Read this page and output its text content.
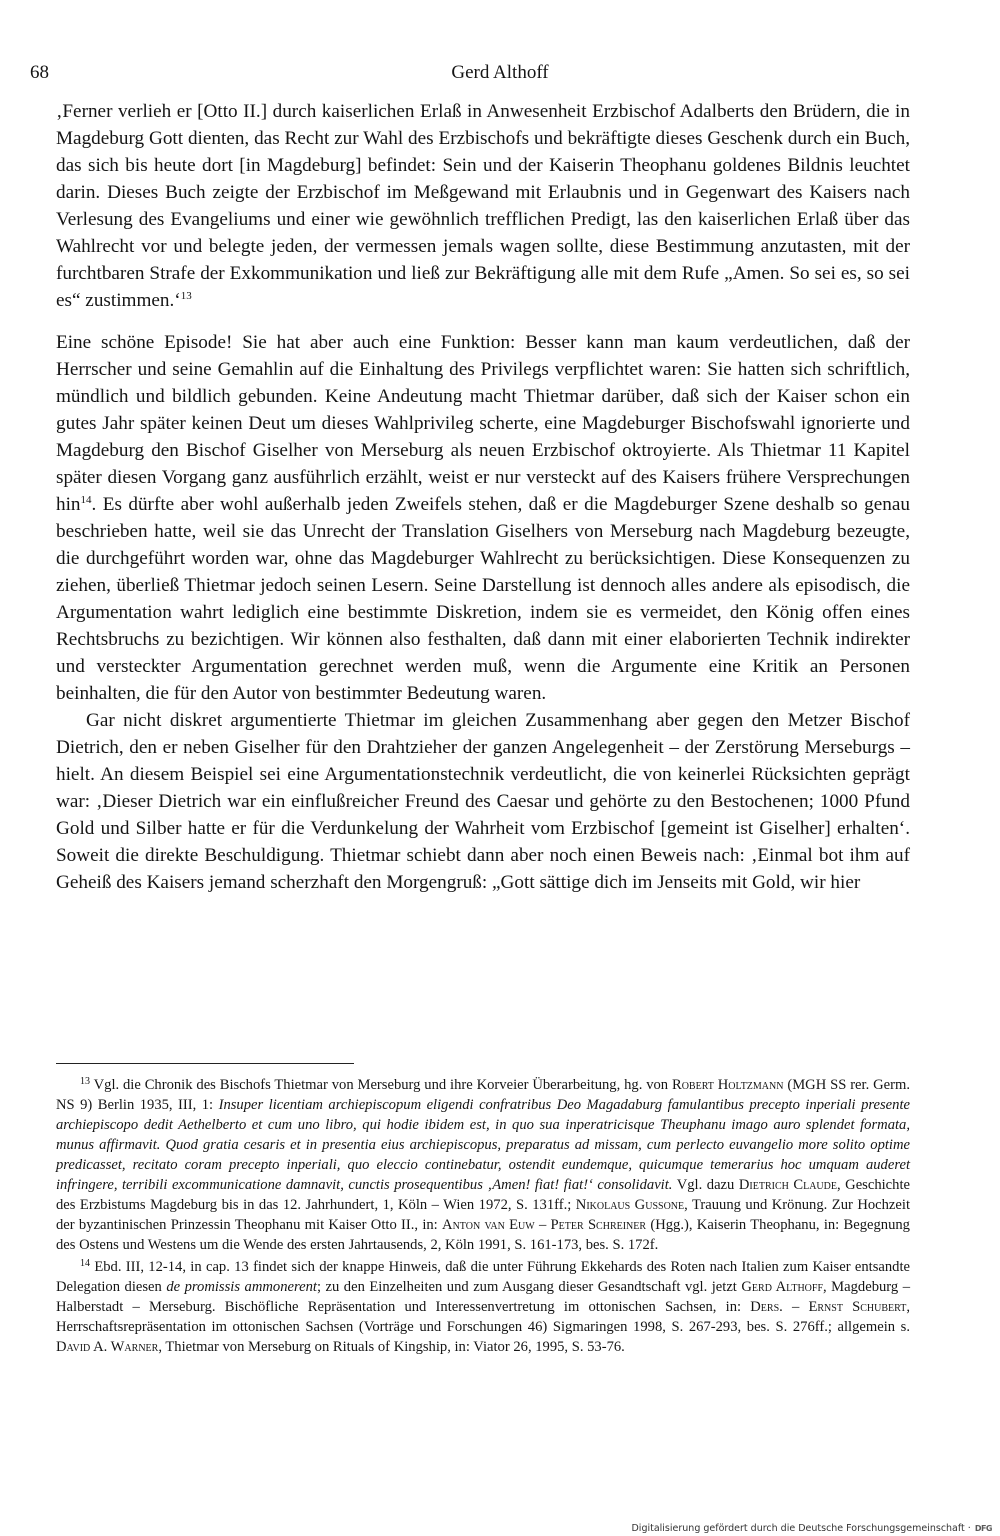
68	Gerd Althoff

‚Ferner verlieh er [Otto II.] durch kaiserlichen Erlaß in Anwesenheit Erzbischof Adalberts den Brüdern, die in Magdeburg Gott dienten, das Recht zur Wahl des Erzbischofs und bekräftigte dieses Geschenk durch ein Buch, das sich bis heute dort [in Magdeburg] befindet: Sein und der Kaiserin Theophanu goldenes Bildnis leuchtet darin. Dieses Buch zeigte der Erzbischof im Meßgewand mit Erlaubnis und in Gegenwart des Kaisers nach Verlesung des Evangeliums und einer wie gewöhnlich trefflichen Predigt, las den kaiserlichen Erlaß über das Wahlrecht vor und belegte jeden, der vermessen jemals wagen sollte, diese Bestimmung anzutasten, mit der furchtbaren Strafe der Exkommunikation und ließ zur Bekräftigung alle mit dem Rufe „Amen. So sei es, so sei es“ zustimmen.‘$^{13}$

Eine schöne Episode! Sie hat aber auch eine Funktion: Besser kann man kaum verdeutlichen, daß der Herrscher und seine Gemahlin auf die Einhaltung des Privilegs verpflichtet waren: Sie hatten sich schriftlich, mündlich und bildlich gebunden. Keine Andeutung macht Thietmar darüber, daß sich der Kaiser schon ein gutes Jahr später keinen Deut um dieses Wahlprivileg scherte, eine Magdeburger Bischofswahl ignorierte und Magdeburg den Bischof Giselher von Merseburg als neuen Erzbischof oktroyierte. Als Thietmar 11 Kapitel später diesen Vorgang ganz ausführlich erzählt, weist er nur versteckt auf des Kaisers frühere Versprechungen hin$^{14}$. Es dürfte aber wohl außerhalb jeden Zweifels stehen, daß er die Magdeburger Szene deshalb so genau beschrieben hatte, weil sie das Unrecht der Translation Giselhers von Merseburg nach Magdeburg bezeugte, die durchgeführt worden war, ohne das Magdeburger Wahlrecht zu berücksichtigen. Diese Konsequenzen zu ziehen, überließ Thietmar jedoch seinen Lesern. Seine Darstellung ist dennoch alles andere als episodisch, die Argumentation wahrt lediglich eine bestimmte Diskretion, indem sie es vermeidet, den König offen eines Rechtsbruchs zu bezichtigen. Wir können also festhalten, daß dann mit einer elaborierten Technik indirekter und versteckter Argumentation gerechnet werden muß, wenn die Argumente eine Kritik an Personen beinhalten, die für den Autor von bestimmter Bedeutung waren.

Gar nicht diskret argumentierte Thietmar im gleichen Zusammenhang aber gegen den Metzer Bischof Dietrich, den er neben Giselher für den Drahtzieher der ganzen Angelegenheit – der Zerstörung Merseburgs – hielt. An diesem Beispiel sei eine Argumentationstechnik verdeutlicht, die von keinerlei Rücksichten geprägt war: ‚Dieser Dietrich war ein einflußreicher Freund des Caesar und gehörte zu den Bestochenen; 1000 Pfund Gold und Silber hatte er für die Verdunkelung der Wahrheit vom Erzbischof [gemeint ist Giselher] erhalten‘. Soweit die direkte Beschuldigung. Thietmar schiebt dann aber noch einen Beweis nach: ‚Einmal bot ihm auf Geheiß des Kaisers jemand scherzhaft den Morgengruß: „Gott sättige dich im Jenseits mit Gold, wir hier

$^{13}$ Vgl. die Chronik des Bischofs Thietmar von Merseburg und ihre Korveier Überarbeitung, hg. von Robert Holtzmann (MGH SS rer. Germ. NS 9) Berlin 1935, III, 1: Insuper licentiam archiepiscopum eligendi confratribus Deo Magadaburg famulantibus precepto inperiali presente archiepiscopo dedit Aethelberto et cum uno libro, qui hodie ibidem est, in quo sua inperatricisque Theuphanu imago auro splendet formata, munus affirmavit. Quod gratia cesaris et in presentia eius archiepiscopus, preparatus ad missam, cum perlecto euvangelio more solito optime predicasset, recitato coram precepto inperiali, quo eleccio continebatur, ostendit eundemque, quicumque temerarius hoc umquam auderet infringere, terribili excommunicatione damnavit, cunctis prosequentibus ‚Amen! fiat! fiat!‘ consolidavit. Vgl. dazu Dietrich Claude, Geschichte des Erzbistums Magdeburg bis in das 12. Jahrhundert, 1, Köln – Wien 1972, S. 131ff.; Nikolaus Gussone, Trauung und Krönung. Zur Hochzeit der byzantinischen Prinzessin Theophanu mit Kaiser Otto II., in: Anton van Euw – Peter Schreiner (Hgg.), Kaiserin Theophanu, in: Begegnung des Ostens und Westens um die Wende des ersten Jahrtausends, 2, Köln 1991, S. 161-173, bes. S. 172f.

$^{14}$ Ebd. III, 12-14, in cap. 13 findet sich der knappe Hinweis, daß die unter Führung Ekkehards des Roten nach Italien zum Kaiser entsandte Delegation diesen de promissis ammonerent; zu den Einzelheiten und zum Ausgang dieser Gesandtschaft vgl. jetzt Gerd Althoff, Magdeburg – Halberstadt – Merseburg. Bischöfliche Repräsentation und Interessenvertretung im ottonischen Sachsen, in: Ders. – Ernst Schubert, Herrschaftsrepräsentation im ottonischen Sachsen (Vorträge und Forschungen 46) Sigmaringen 1998, S. 267-293, bes. S. 276ff.; allgemein s. David A. Warner, Thietmar von Merseburg on Rituals of Kingship, in: Viator 26, 1995, S. 53-76.

Digitalisierung gefördert durch die Deutsche Forschungsgemeinschaft · DFG
